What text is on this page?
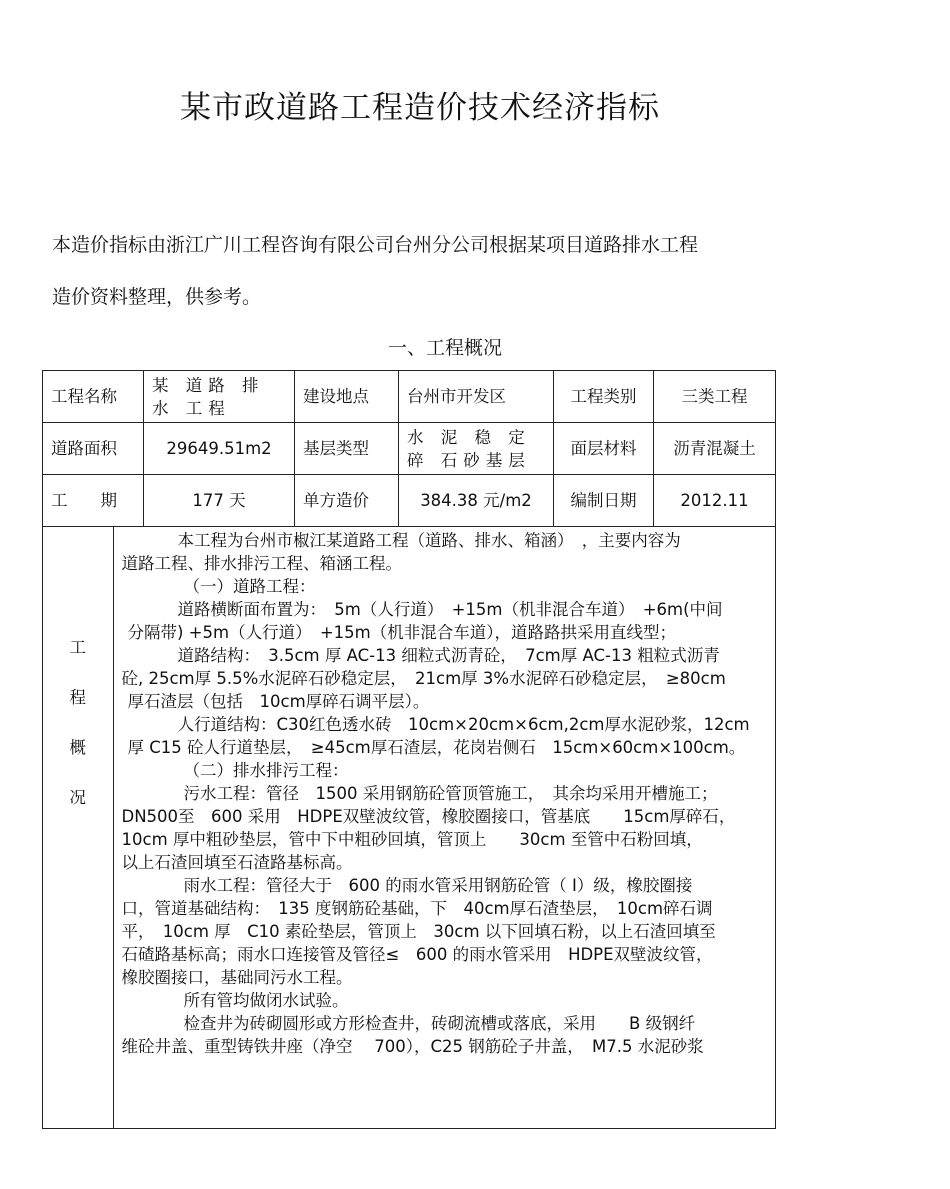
某市政道路工程造价技术经济指标
本造价指标由浙江广川工程咨询有限公司台州分公司根据某项目道路排水工程
造价资料整理，供参考。
一、工程概况
工程名称	某 道路 排水 工程	建设地点	台州市开发区	工程类别	三类工程
道路面积	29649.51m2	基层类型	水 泥 稳 定 碎 石砂基层	面层材料	沥青混凝土
工　　期	177 天	单方造价	384.38 元/m2	编制日期	2012.11

工
程
概
况

本工程为台州市椒江某道路工程（道路、排水、箱涵）　，主要内容为

道路工程、排水排污工程、箱涵工程。

（一）道路工程：

道路横断面布置为：　5m（人行道）　+15m（机非混合车道）　+6m(中间

分隔带) +5m（人行道）　+15m（机非混合车道），道路路拱采用直线型；

道路结构：　3.5cm 厚 AC-13 细粒式沥青砼，　7cm厚 AC-13 粗粒式沥青

砼, 25cm厚 5.5%水泥碎石砂稳定层，　21cm厚 3%水泥碎石砂稳定层，　≥80cm

厚石渣层（包括　10cm厚碎石调平层）。

人行道结构：C30红色透水砖　10cm×20cm×6cm,2cm厚水泥砂浆，12cm

厚 C15 砼人行道垫层，　≥45cm厚石渣层，花岗岩侧石　15cm×60cm×100cm。

（二）排水排污工程：

污水工程：管径　1500 采用钢筋砼管顶管施工，　其余均采用开槽施工；

DN500至　600 采用　HDPE双壁波纹管，橡胶圈接口，管基底　　15cm厚碎石，

10cm 厚中粗砂垫层，管中下中粗砂回填，管顶上　　30cm 至管中石粉回填，

以上石渣回填至石渣路基标高。

雨水工程：管径大于　600 的雨水管采用钢筋砼管（ Ⅰ）级，橡胶圈接

口，管道基础结构：　135 度钢筋砼基础，下　40cm厚石渣垫层，　10cm碎石调

平，　10cm 厚　C10 素砼垫层，管顶上　30cm 以下回填石粉，以上石渣回填至

石碴路基标高；雨水口连接管及管径≤　600 的雨水管采用　HDPE双壁波纹管，

橡胶圈接口，基础同污水工程。

所有管均做闭水试验。

检查井为砖砌圆形或方形检查井，砖砌流槽或落底，采用　　B 级钢纤

维砼井盖、重型铸铁井座（净空　 700），C25 钢筋砼子井盖，　M7.5 水泥砂浆
